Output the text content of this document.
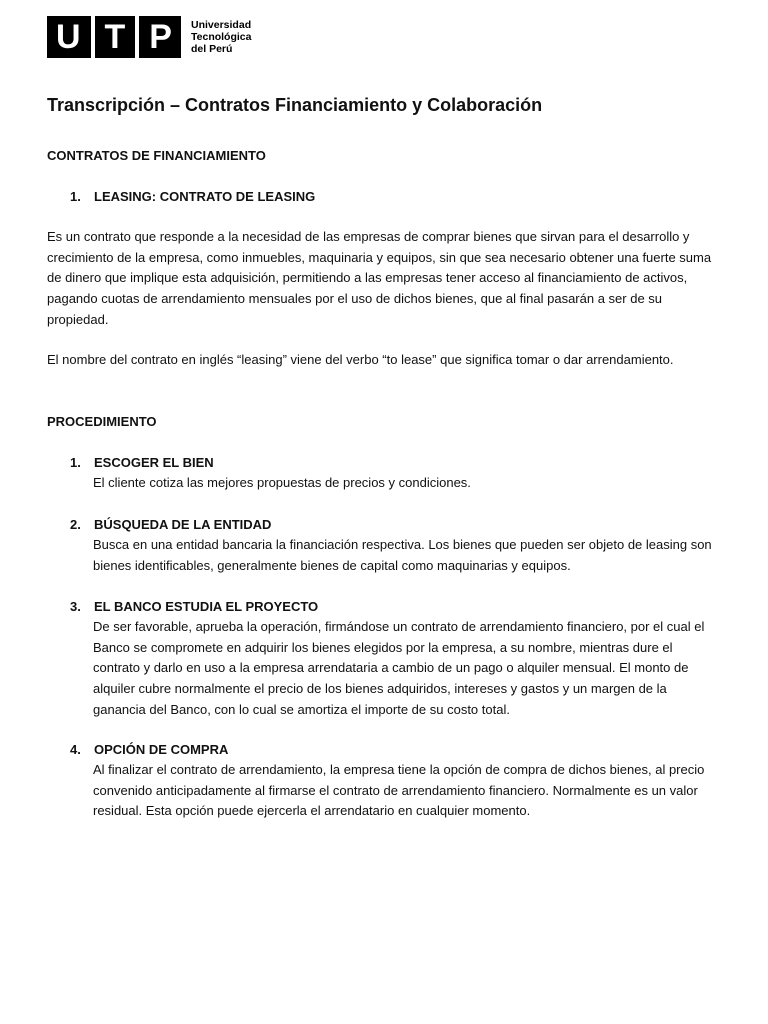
U T P Universidad
Tecnológica
del Perú
Transcripción – Contratos Financiamiento y Colaboración

CONTRATOS DE FINANCIAMIENTO

1. LEASING: CONTRATO DE LEASING

Es un contrato que responde a la necesidad de las empresas de comprar bienes que sirvan para el desarrollo y crecimiento de la empresa, como inmuebles, maquinaria y equipos, sin que sea necesario obtener una fuerte suma de dinero que implique esta adquisición, permitiendo a las empresas tener acceso al financiamiento de activos, pagando cuotas de arrendamiento mensuales por el uso de dichos bienes, que al final pasarán a ser de su propiedad.

El nombre del contrato en inglés “leasing” viene del verbo “to lease” que significa tomar o dar arrendamiento.

PROCEDIMIENTO

1. ESCOGER EL BIEN

El cliente cotiza las mejores propuestas de precios y condiciones.

2. BÚSQUEDA DE LA ENTIDAD

Busca en una entidad bancaria la financiación respectiva. Los bienes que pueden ser objeto de leasing son bienes identificables, generalmente bienes de capital como maquinarias y equipos.

3. EL BANCO ESTUDIA EL PROYECTO

De ser favorable, aprueba la operación, firmándose un contrato de arrendamiento financiero, por el cual el Banco se compromete en adquirir los bienes elegidos por la empresa, a su nombre, mientras dure el contrato y darlo en uso a la empresa arrendataria a cambio de un pago o alquiler mensual. El monto de alquiler cubre normalmente el precio de los bienes adquiridos, intereses y gastos y un margen de la ganancia del Banco, con lo cual se amortiza el importe de su costo total.

4. OPCIÓN DE COMPRA

Al finalizar el contrato de arrendamiento, la empresa tiene la opción de compra de dichos bienes, al precio convenido anticipadamente al firmarse el contrato de arrendamiento financiero. Normalmente es un valor residual. Esta opción puede ejercerla el arrendatario en cualquier momento.
